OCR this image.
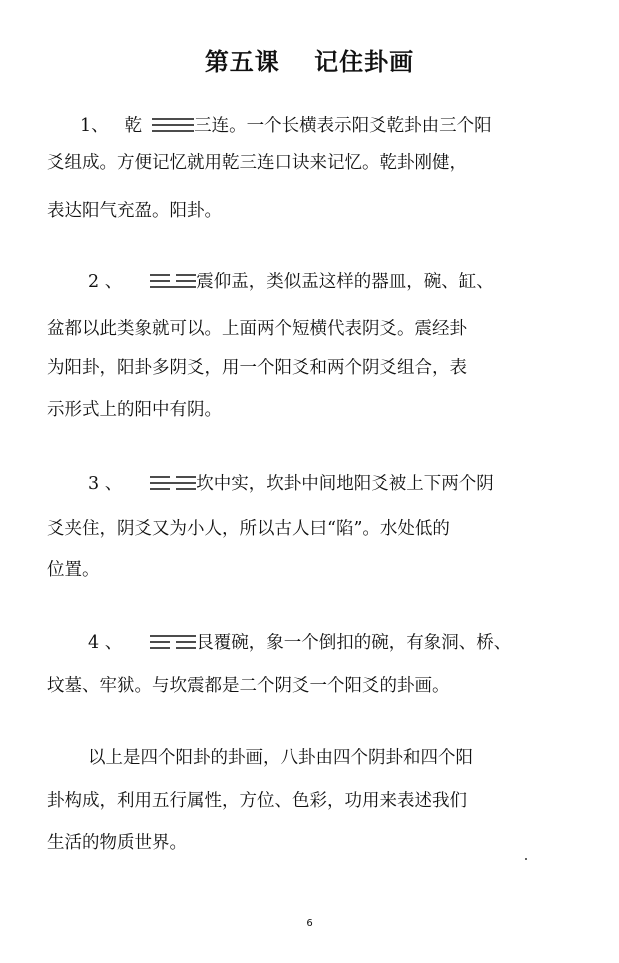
第五课　 记住卦画
1、 乾	三连。一个长横表示阳爻乾卦由三个阳
爻组成。方便记忆就用乾三连口诀来记忆。乾卦刚健，
表达阳气充盈。阳卦。
2 、	震仰盂，类似盂这样的器皿，碗、缸、
盆都以此类象就可以。上面两个短横代表阴爻。震经卦
为阳卦，阳卦多阴爻，用一个阳爻和两个阴爻组合，表
示形式上的阳中有阴。
3 、	坎中实，坎卦中间地阳爻被上下两个阴
爻夹住，阴爻又为小人，所以古人曰“陷”。水处低的
位置。
4 、	艮覆碗，象一个倒扣的碗，有象洞、桥、
坟墓、牢狱。与坎震都是二个阴爻一个阳爻的卦画。
以上是四个阳卦的卦画，八卦由四个阴卦和四个阳
卦构成，利用五行属性，方位、色彩，功用来表述我们
生活的物质世界。
6
